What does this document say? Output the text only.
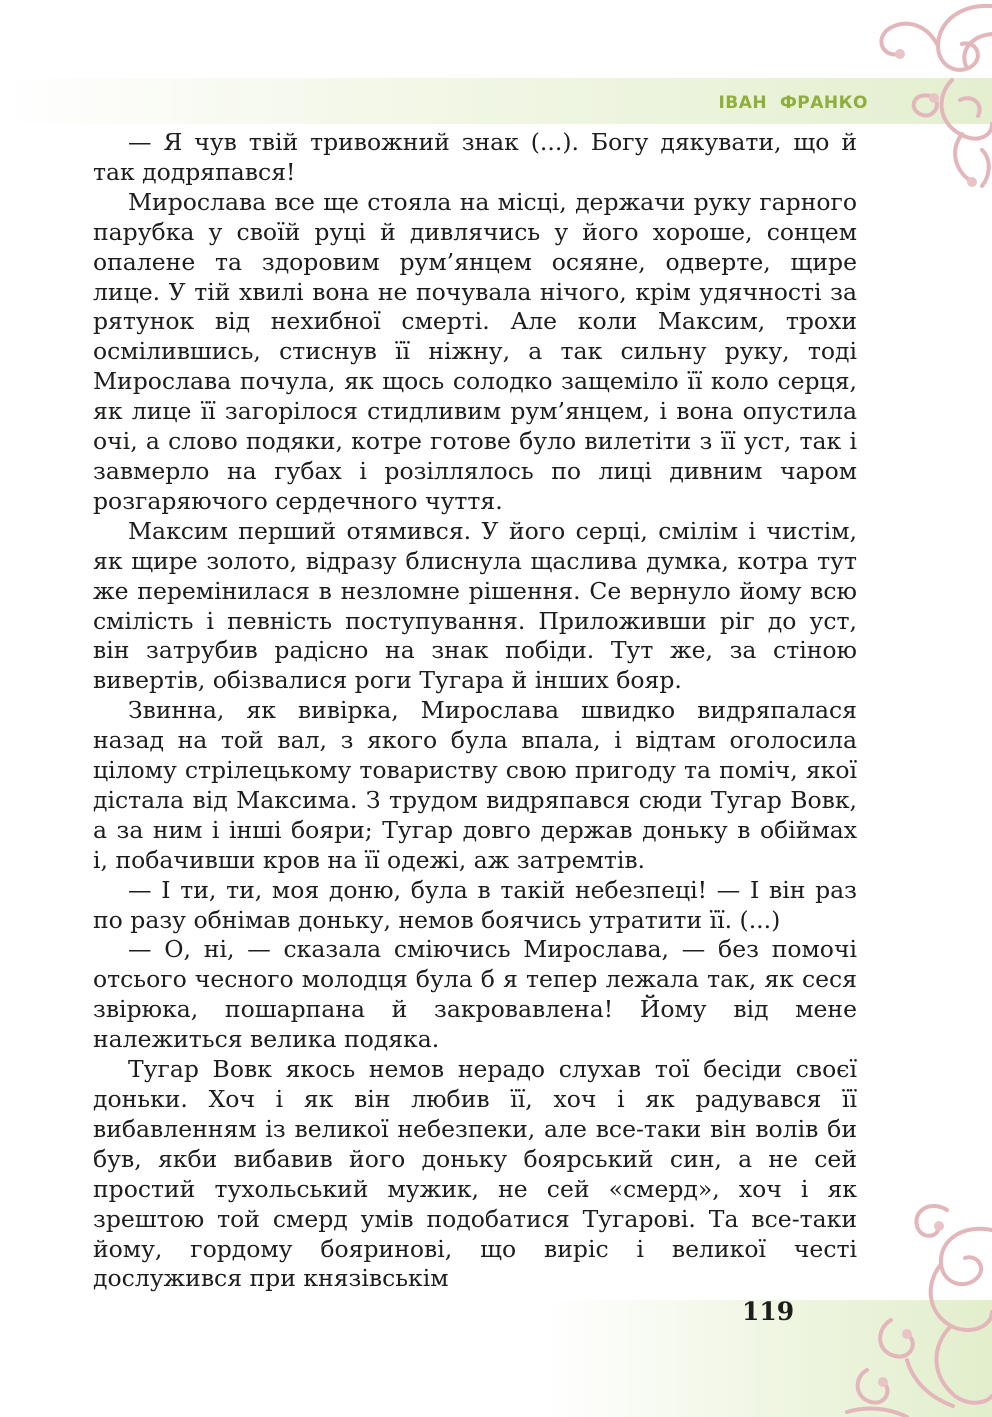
ІВАН  ФРАНКО

— Я чув твій тривожний знак (...). Богу дякувати, що й так додряпався!

Мирослава все ще стояла на місці, держачи руку гарного парубка у своїй руці й дивлячись у його хороше, сонцем опалене та здоровим рум’янцем осяяне, одверте, щире лице. У тій хвилі вона не почувала нічого, крім удячності за рятунок від нехибної смерті. Але коли Максим, трохи осмілившись, стиснув її ніжну, а так сильну руку, тоді Мирослава почула, як щось солодко защеміло її коло серця, як лице її загорілося стидливим рум’янцем, і вона опустила очі, а слово подяки, котре готове було вилетіти з її уст, так і завмерло на губах і розіллялось по лиці дивним чаром розгаряючого сердечного чуття.

Максим перший отямився. У його серці, смілім і чистім, як щире золото, відразу блиснула щаслива думка, котра тут же перемінилася в незломне рішення. Се вернуло йому всю сміліcть і певність поступування. Приложивши ріг до уст, він затрубив радісно на знак побіди. Тут же, за стіною вивертів, обізвалися роги Тугара й інших бояр.

Звинна, як вивірка, Мирослава швидко видряпалася назад на той вал, з якого була впала, і відтам оголосила цілому стрілецькому товариству свою пригоду та поміч, якої дістала від Максима. З трудом видряпався сюди Тугар Вовк, а за ним і інші бояри; Тугар довго держав доньку в обіймах і, побачивши кров на її одежі, аж затремтів.

— І ти, ти, моя доню, була в такій небезпеці! — І він раз по разу обнімав доньку, немов боячись утратити її. (...)

— О, ні, — сказала сміючись Мирослава, — без помочі отсього чесного молодця була б я тепер лежала так, як сеся звірюка, пошарпана й закровавлена! Йому від мене належиться велика подяка.

Тугар Вовк якось немов нерадо слухав тої бесіди своєї доньки. Хоч і як він любив її, хоч і як радувався її вибавленням із великої небезпеки, але все-таки він волів би був, якби вибавив його доньку боярський син, а не сей простий тухольський мужик, не сей «смерд», хоч і як зрештою той смерд умів подобатися Тугарові. Та все-таки йому, гордому бояринові, що виріс і великої честі дослужився при князівськім

119
